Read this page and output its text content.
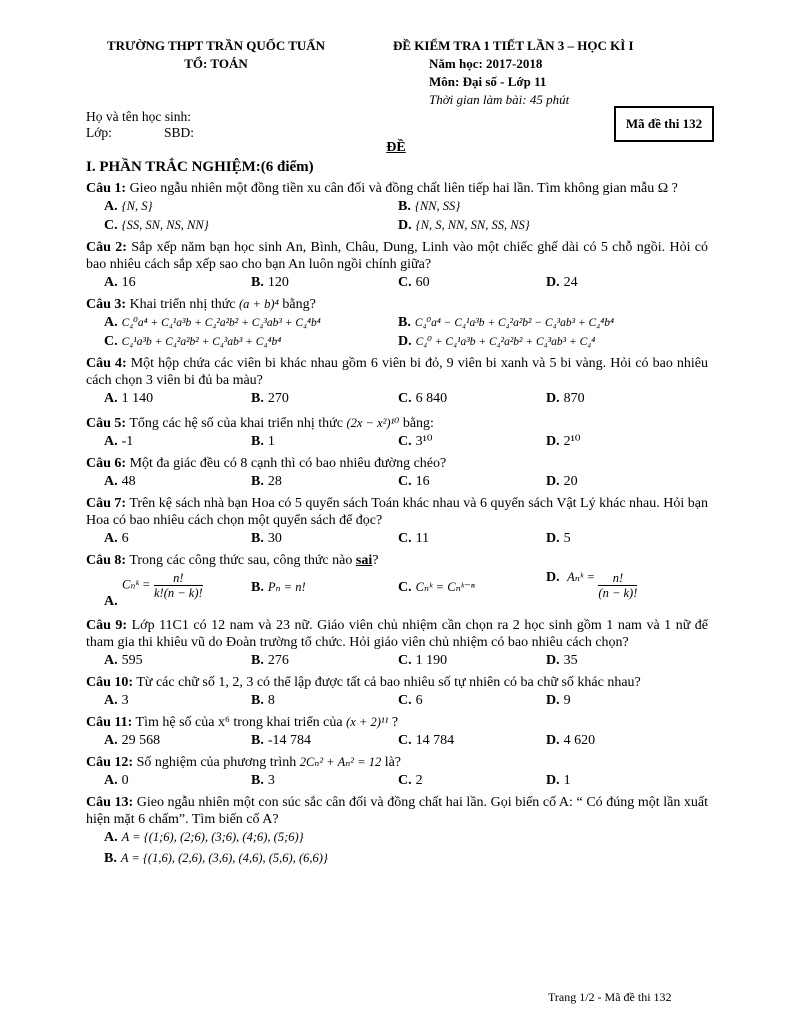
TRƯỜNG THPT TRẦN QUỐC TUẤN
TỔ: TOÁN
ĐỀ KIỂM TRA 1 TIẾT LẦN 3 – HỌC KÌ I
Năm học: 2017-2018
Môn: Đại số - Lớp 11
Thời gian làm bài: 45 phút
Họ và tên học sinh:
Lớp:	SBD:
Mã đề thi 132
ĐỀ
I. PHẦN TRẮC NGHIỆM:(6 điểm)
Câu 1: Gieo ngẫu nhiên một đồng tiền xu cân đối và đồng chất liên tiếp hai lần. Tìm không gian mẫu Ω ?
A. {N, S}	B. {NN, SS}
C. {SS, SN, NS, NN}	D. {N, S, NN, SN, SS, NS}
Câu 2: Sắp xếp năm bạn học sinh An, Bình, Châu, Dung, Linh vào một chiếc ghế dài có 5 chỗ ngồi. Hỏi có bao nhiêu cách sắp xếp sao cho bạn An luôn ngồi chính giữa?
A. 16	B. 120	C. 60	D. 24
Câu 3: Khai triển nhị thức (a + b)⁴ bằng?
A. C₄⁰a⁴ + C₄¹a³b + C₄²a²b² + C₄³ab³ + C₄⁴b⁴	B. C₄⁰a⁴ − C₄¹a³b + C₄²a²b² − C₄³ab³ + C₄⁴b⁴
C. C₄¹a³b + C₄²a²b² + C₄³ab³ + C₄⁴b⁴	D. C₄⁰ + C₄¹a³b + C₄²a²b² + C₄³ab³ + C₄⁴
Câu 4: Một hộp chứa các viên bi khác nhau gồm 6 viên bi đỏ, 9 viên bi xanh và 5 bi vàng. Hỏi có bao nhiêu cách chọn 3 viên bi đủ ba màu?
A. 1 140	B. 270	C. 6 840	D. 870
Câu 5: Tổng các hệ số của khai triển nhị thức (2x − x²)¹⁰ bằng:
A. -1	B. 1	C. 3¹⁰	D. 2¹⁰
Câu 6: Một đa giác đều có 8 cạnh thì có bao nhiêu đường chéo?
A. 48	B. 28	C. 16	D. 20
Câu 7: Trên kệ sách nhà bạn Hoa có 5 quyển sách Toán khác nhau và 6 quyển sách Vật Lý khác nhau. Hỏi bạn Hoa có bao nhiêu cách chọn một quyển sách để đọc?
A. 6	B. 30	C. 11	D. 5
Câu 8: Trong các công thức sau, công thức nào sai?
A.
Cₙᵏ = $\frac{n!}{k!(n - k)!}$	B. Pₙ = n!	C. Cₙᵏ = Cₙᵏ⁻ⁿ
D. Aₙᵏ = $\frac{n!}{(n - k)!}$
Câu 9: Lớp 11C1 có 12 nam và 23 nữ. Giáo viên chủ nhiệm cần chọn ra 2 học sinh gồm 1 nam và 1 nữ để tham gia thi khiêu vũ do Đoàn trường tổ chức. Hỏi giáo viên chủ nhiệm có bao nhiêu cách chọn?
A. 595	B. 276	C. 1 190	D. 35
Câu 10: Từ các chữ số 1, 2, 3 có thể lập được tất cả bao nhiêu số tự nhiên có ba chữ số khác nhau?
A. 3	B. 8	C. 6	D. 9
Câu 11: Tìm hệ số của x⁶ trong khai triển của (x + 2)¹¹ ?
A. 29 568	B. -14 784	C. 14 784	D. 4 620
Câu 12: Số nghiệm của phương trình 2Cₙ² + Aₙ² = 12 là?
A. 0	B. 3	C. 2	D. 1
Câu 13: Gieo ngẫu nhiên một con súc sắc cân đối và đồng chất hai lần. Gọi biến cố A: “ Có đúng một lần xuất hiện mặt 6 chấm”. Tìm biến cố A?
A. A = {(1;6), (2;6), (3;6), (4;6), (5;6)}
B. A = {(1,6), (2,6), (3,6), (4,6), (5,6), (6,6)}
Trang 1/2 - Mã đề thi 132
